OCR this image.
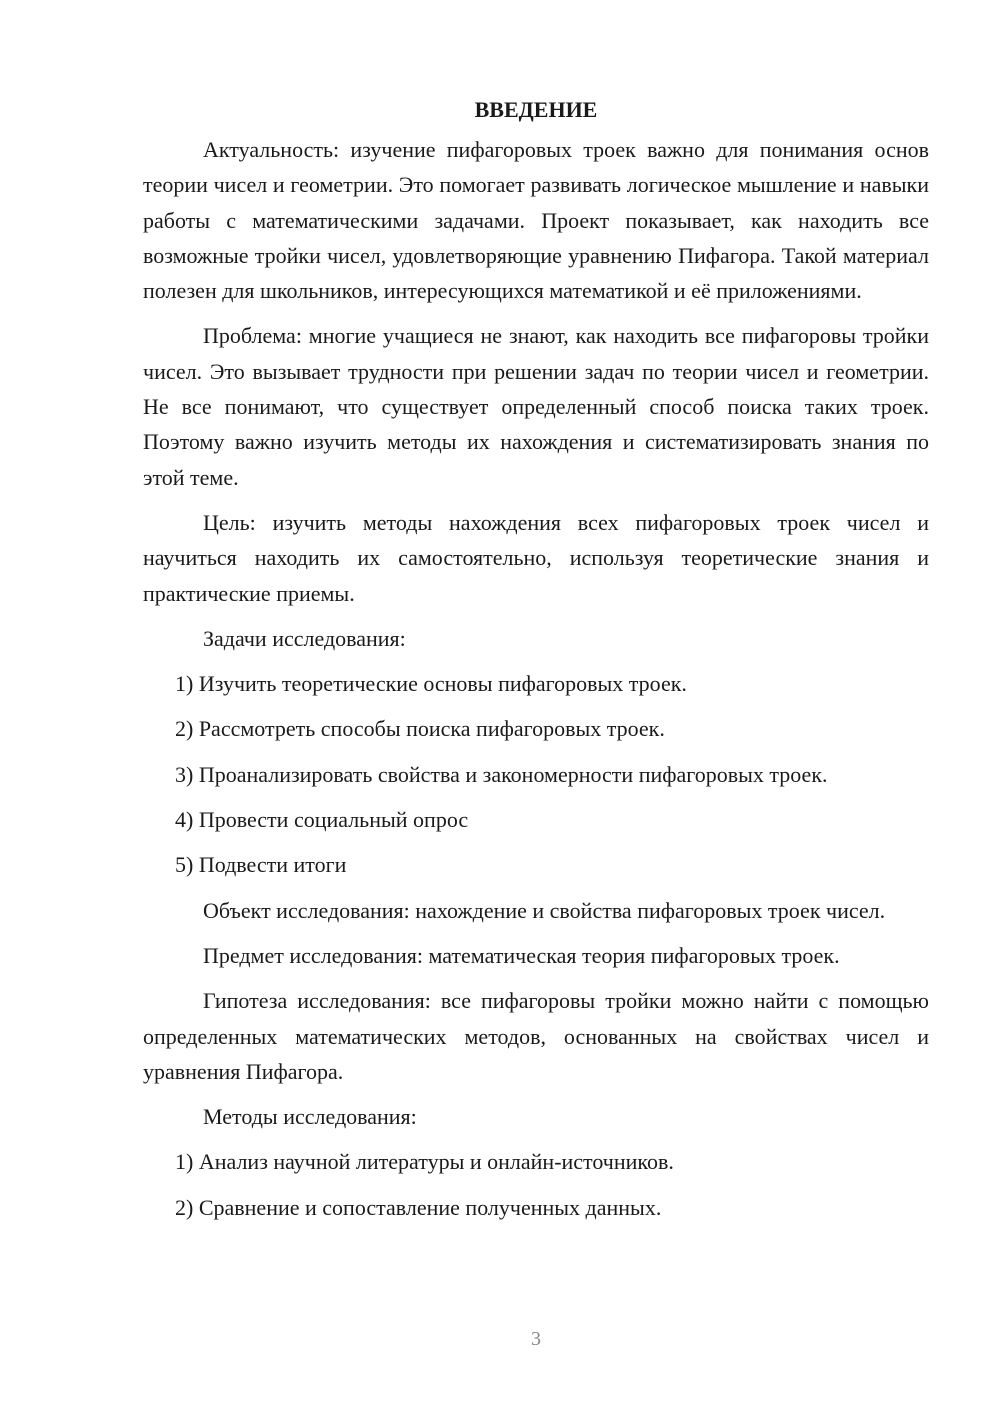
ВВЕДЕНИЕ

Актуальность: изучение пифагоровых троек важно для понимания основ теории чисел и геометрии. Это помогает развивать логическое мышление и навыки работы с математическими задачами. Проект показывает, как находить все возможные тройки чисел, удовлетворяющие уравнению Пифагора. Такой материал полезен для школьников, интересующихся математикой и её приложениями.

Проблема: многие учащиеся не знают, как находить все пифагоровы тройки чисел. Это вызывает трудности при решении задач по теории чисел и геометрии. Не все понимают, что существует определенный способ поиска таких троек. Поэтому важно изучить методы их нахождения и систематизировать знания по этой теме.

Цель: изучить методы нахождения всех пифагоровых троек чисел и научиться находить их самостоятельно, используя теоретические знания и практические приемы.

Задачи исследования:

1) Изучить теоретические основы пифагоровых троек.

2) Рассмотреть способы поиска пифагоровых троек.

3) Проанализировать свойства и закономерности пифагоровых троек.

4) Провести социальный опрос

5) Подвести итоги

Объект исследования: нахождение и свойства пифагоровых троек чисел.

Предмет исследования: математическая теория пифагоровых троек.

Гипотеза исследования: все пифагоровы тройки можно найти с помощью определенных математических методов, основанных на свойствах чисел и уравнения Пифагора.

Методы исследования:

1) Анализ научной литературы и онлайн-источников.

2) Сравнение и сопоставление полученных данных.

3
